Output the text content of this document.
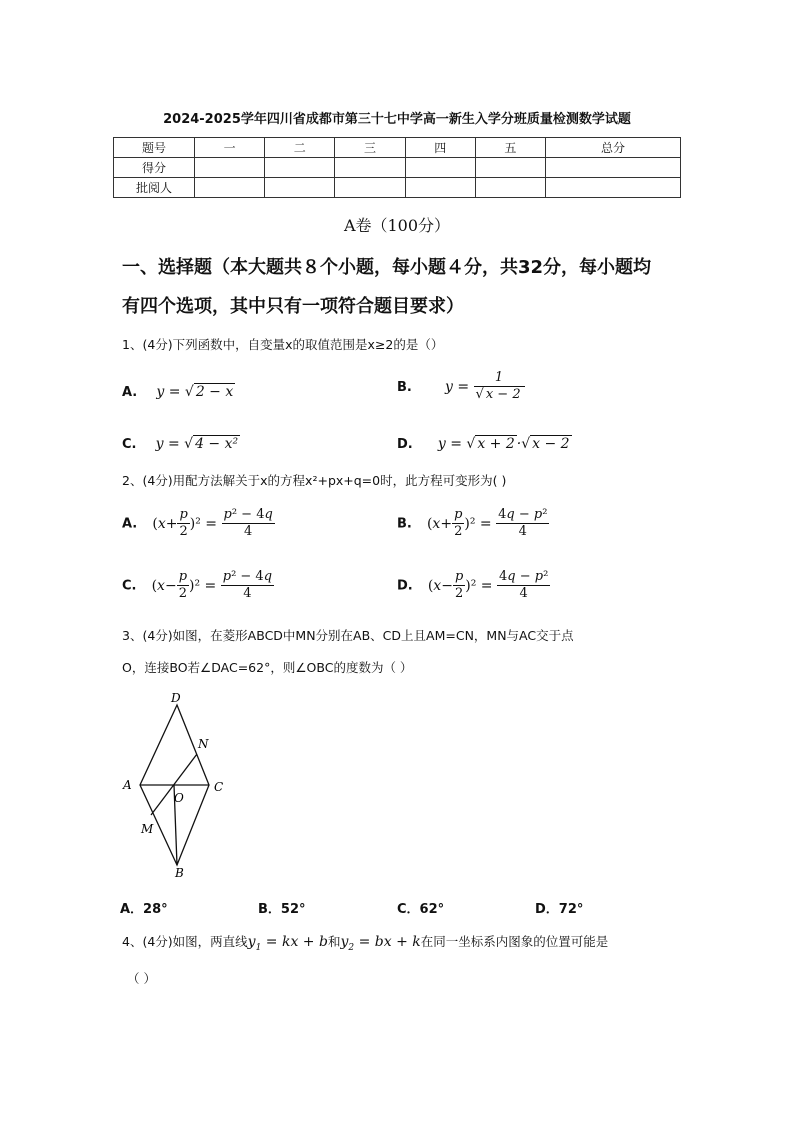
2024-2025学年四川省成都市第三十七中学高一新生入学分班质量检测数学试题
题号	一	二	三	四	五	总分
得分						
批阅人						
A卷（100分）
一、选择题（本大题共８个小题，每小题４分，共32分，每小题均
有四个选项，其中只有一项符合题目要求）
1、(4分)下列函数中，自变量x的取值范围是x≥2的是（）
A. y = √ 2 − x	B. $y = \frac{1}{√ x - 2}$
C. y = √ 4 − x²	D. y = √ x + 2 ·√ x − 2
2、(4分)用配方法解关于x的方程x²+px+q=0时，此方程可变形为( )
A. $(x+ \frac{p}{2} )^2 = \frac{\text{p² − 4q}}{4}$	B. $(x+ \frac{p}{2} )^2 = \frac{\text{4q − p²}}{4}$
C. $(x- \frac{p}{2} )^2 = \frac{\text{p² − 4q}}{4}$	D. $(x- \frac{p}{2} )^2 = \frac{\text{4q − p²}}{4}$
3、(4分)如图，在菱形ABCD中MN分别在AB、CD上且AM=CN，MN与AC交于点
O，连接BO若∠DAC=62°，则∠OBC的度数为（ ）
D
N
A
O
C
M
B
A．28°	B．52°	C．62°	D．72°
4、(4分)如图，两直线$y_1$ = kx + b和$y_2$ = bx + k在同一坐标系内图象的位置可能是
（ ）
